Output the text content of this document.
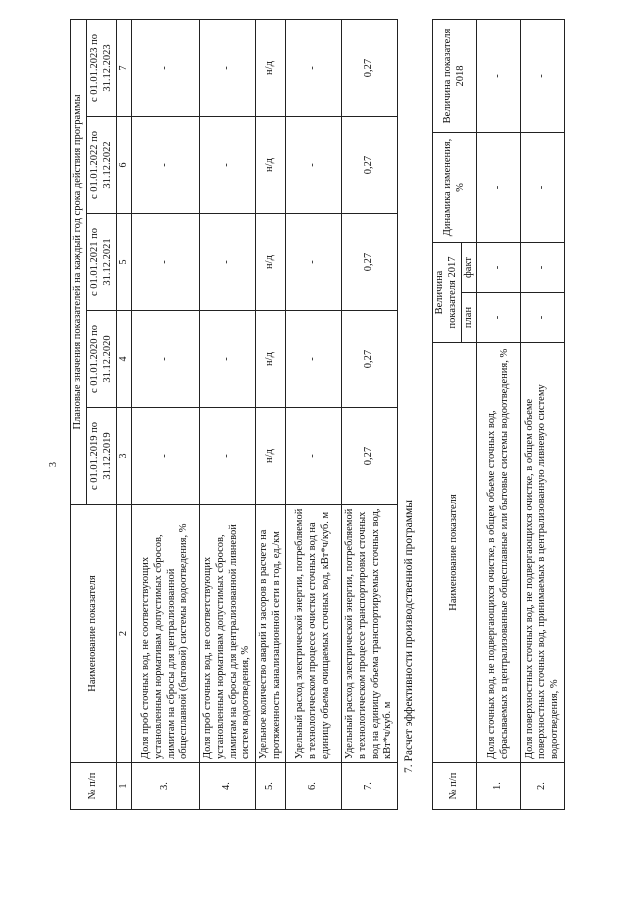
3
№ п/п	Наименование показателя	Плановые значения показателей на каждый год срока действия программы				
		с 01.01.2019 по 31.12.2019	с 01.01.2020 по 31.12.2020	с 01.01.2021 по 31.12.2021	с 01.01.2022 по 31.12.2022	с 01.01.2023 по 31.12.2023
1	2	3	4	5	6	7
3.	Доля проб сточных вод, не соответствующих установленным нормативам допустимых сбросов, лимитам на сбросы для централизованной общесплавной (бытовой) системы водоотведения, %	-	-	-	-	-
4.	Доля проб сточных вод, не соответствующих установленным нормативам допустимых сбросов, лимитам на сбросы для централизованной ливневой систем водоотведения, %	-	-	-	-	-
5.	Удельное количество аварий и засоров в расчете на протяженность канализационной сети в год, ед./км	н/д	н/д	н/д	н/д	н/д
6.	Удельный расход электрической энергии, потребляемой в технологическом процессе очистки сточных вод на единицу объема очищаемых сточных вод, кВт*ч/куб. м	-	-	-	-	-
7.	Удельный расход электрической энергии, потребляемой в технологическом процессе транспортировки сточных вод на единицу объема транспортируемых сточных вод, кВт*ч/куб. м	0,27	0,27	0,27	0,27	0,27
7. Расчет эффективности производственной программы
№ п/п	Наименование показателя	Величина показателя 2017		Динамика изменения, %	Величина показателя 2018
		план	факт		
1.	Доля сточных вод, не подвергающихся очистке, в общем объеме сточных вод, сбрасываемых в централизованные общесплавные или бытовые системы водоотведения, %	-	-	-	-
2.	Доля поверхностных сточных вод, не подвергающихся очистке, в общем объеме поверхностных сточных вод, принимаемых в централизованную ливневую систему водоотведения, %	-	-	-	-
